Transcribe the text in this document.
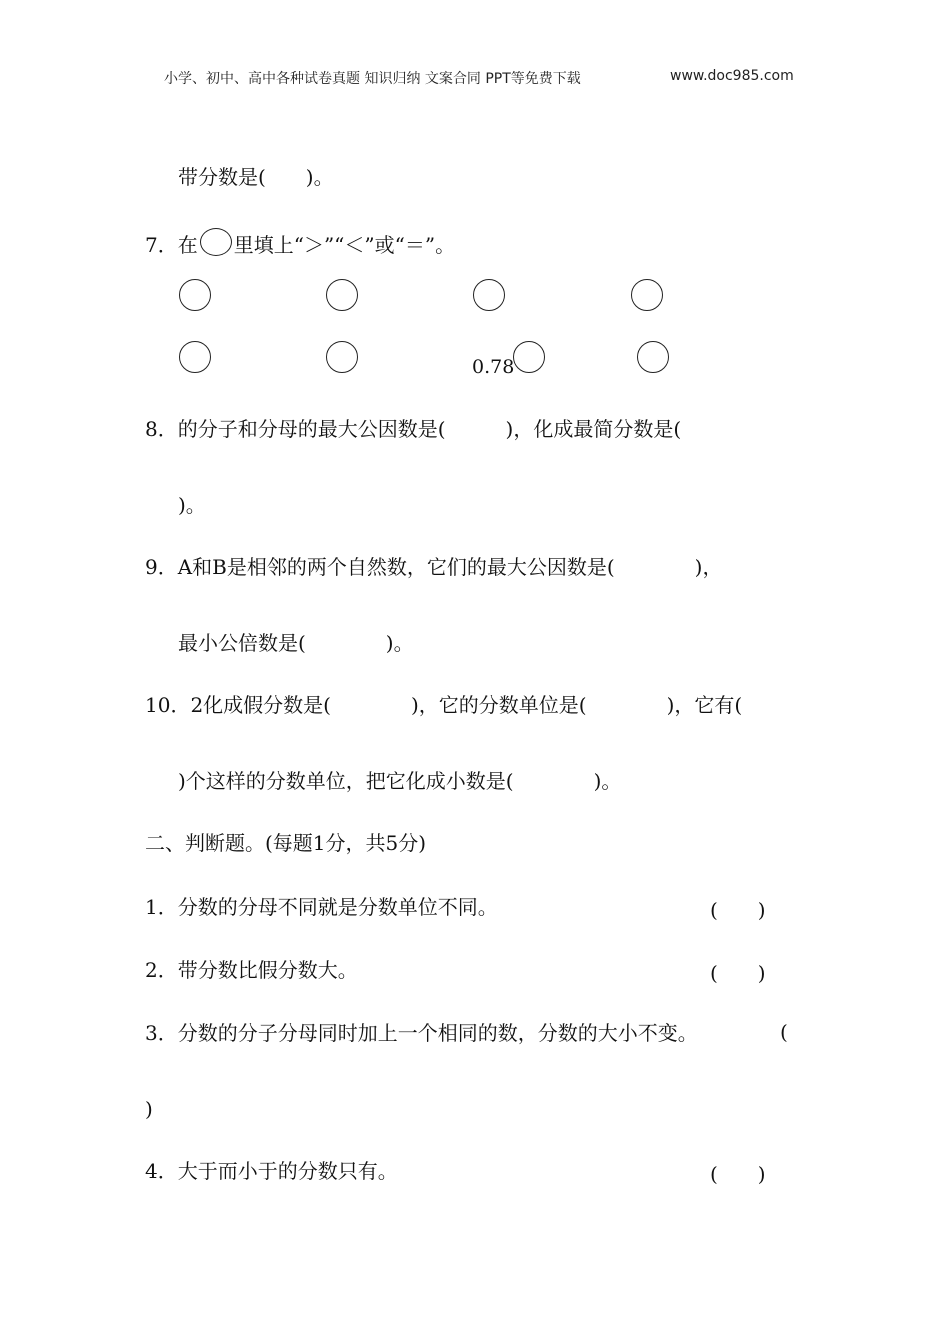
小学、初中、高中各种试卷真题 知识归纳 文案合同 PPT等免费下载	www.doc985.com
带分数是(　　)。
7．在 里填上“＞”“＜”或“＝”。
0.78
8．的分子和分母的最大公因数是(　　　)，化成最简分数是(
)。
9．A和B是相邻的两个自然数，它们的最大公因数是(　　　　)，
最小公倍数是(　　　　)。
10．2化成假分数是(　　　　)，它的分数单位是(　　　　)，它有(
)个这样的分数单位，把它化成小数是(　　　　)。
二、判断题。(每题1分，共5分)
1．分数的分母不同就是分数单位不同。	(　　)
2．带分数比假分数大。	(　　)
3．分数的分子分母同时加上一个相同的数，分数的大小不变。	(
)
4．大于而小于的分数只有。	(　　)
